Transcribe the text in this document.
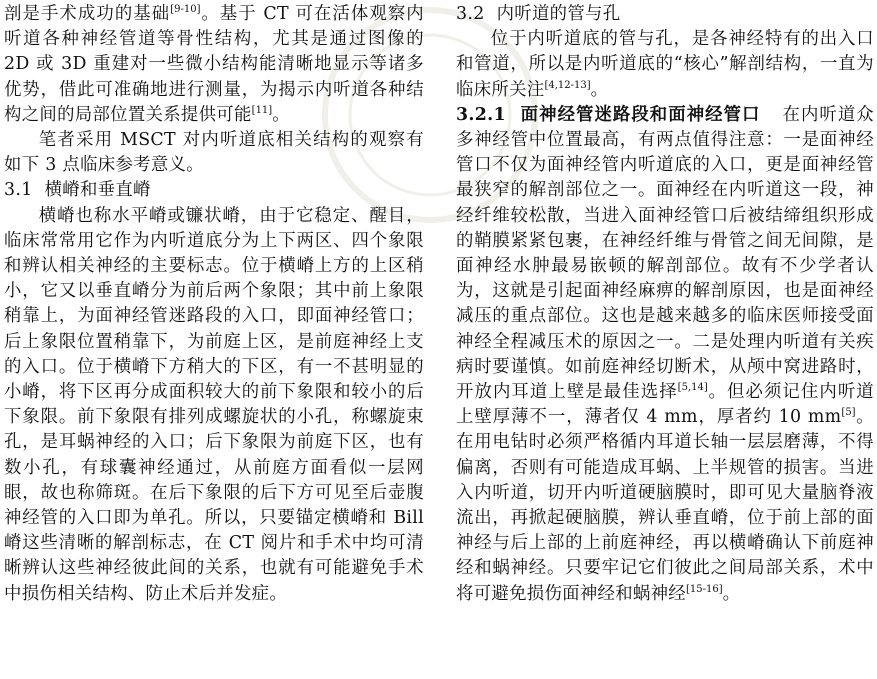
剖是手术成功的基础[9-10]。基于 CT 可在活体观察内听道各种神经管道等骨性结构，尤其是通过图像的 2D 或 3D 重建对一些微小结构能清晰地显示等诸多优势，借此可准确地进行测量，为揭示内听道各种结构之间的局部位置关系提供可能[11]。

笔者采用 MSCT 对内听道底相关结构的观察有如下 3 点临床参考意义。

3.1 横嵴和垂直嵴

横嵴也称水平嵴或镰状嵴，由于它稳定、醒目，临床常常用它作为内听道底分为上下两区、四个象限和辨认相关神经的主要标志。位于横嵴上方的上区稍小，它又以垂直嵴分为前后两个象限；其中前上象限稍靠上，为面神经管迷路段的入口，即面神经管口；后上象限位置稍靠下，为前庭上区，是前庭神经上支的入口。位于横嵴下方稍大的下区，有一不甚明显的小嵴，将下区再分成面积较大的前下象限和较小的后下象限。前下象限有排列成螺旋状的小孔，称螺旋束孔，是耳蜗神经的入口；后下象限为前庭下区，也有数小孔，有球囊神经通过，从前庭方面看似一层网眼，故也称筛斑。在后下象限的后下方可见至后壶腹神经管的入口即为单孔。所以，只要锚定横嵴和 Bill 嵴这些清晰的解剖标志，在 CT 阅片和手术中均可清晰辨认这些神经彼此间的关系，也就有可能避免手术中损伤相关结构、防止术后并发症。

3.2 内听道的管与孔

位于内听道底的管与孔，是各神经特有的出入口和管道，所以是内听道底的“核心”解剖结构，一直为临床所关注[4,12-13]。

3.2.1 面神经管迷路段和面神经管口 在内听道众多神经管中位置最高，有两点值得注意：一是面神经管口不仅为面神经管内听道底的入口，更是面神经管最狭窄的解剖部位之一。面神经在内听道这一段，神经纤维较松散，当进入面神经管口后被结缔组织形成的鞘膜紧紧包裹，在神经纤维与骨管之间无间隙，是面神经水肿最易嵌顿的解剖部位。故有不少学者认为，这就是引起面神经麻痹的解剖原因，也是面神经减压的重点部位。这也是越来越多的临床医师接受面神经全程减压术的原因之一。二是处理内听道有关疾病时要谨慎。如前庭神经切断术，从颅中窝进路时，开放内耳道上壁是最佳选择[5,14]。但必须记住内听道上壁厚薄不一，薄者仅 4 mm，厚者约 10 mm[5]。在用电钻时必须严格循内耳道长轴一层层磨薄，不得偏离，否则有可能造成耳蜗、上半规管的损害。当进入内听道，切开内听道硬脑膜时，即可见大量脑脊液流出，再掀起硬脑膜，辨认垂直嵴，位于前上部的面神经与后上部的上前庭神经，再以横嵴确认下前庭神经和蜗神经。只要牢记它们彼此之间局部关系，术中将可避免损伤面神经和蜗神经[15-16]。
